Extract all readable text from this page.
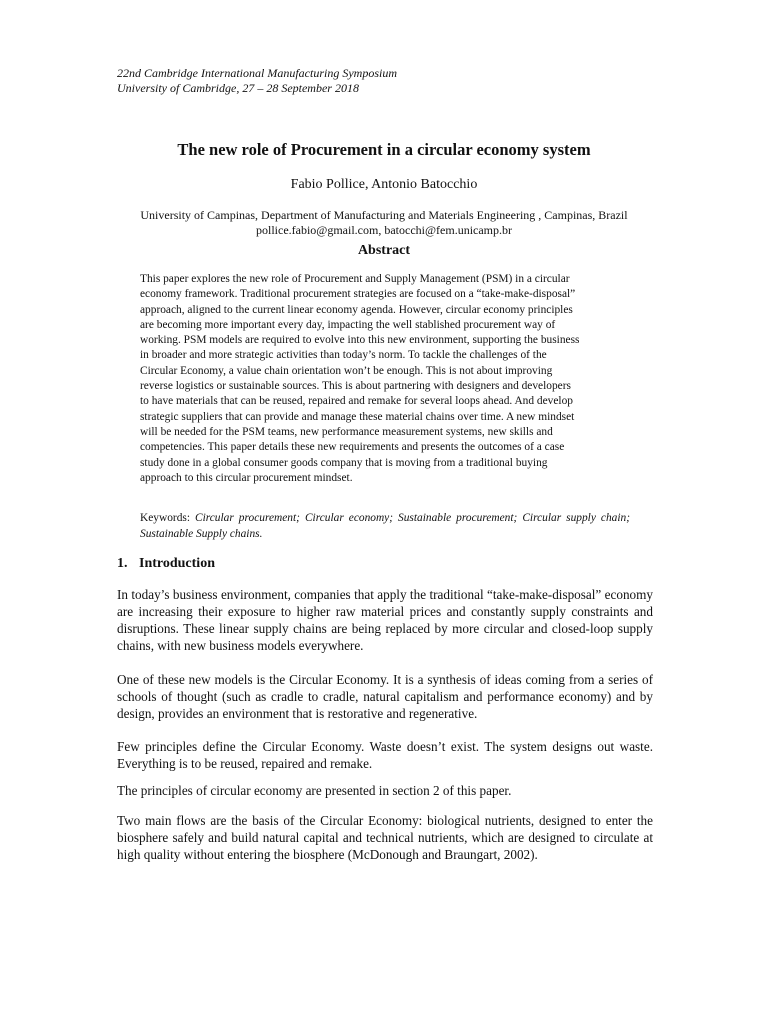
22nd Cambridge International Manufacturing Symposium
University of Cambridge, 27 – 28 September 2018
The new role of Procurement in a circular economy system
Fabio Pollice, Antonio Batocchio
University of Campinas, Department of Manufacturing and Materials Engineering , Campinas, Brazil
pollice.fabio@gmail.com, batocchi@fem.unicamp.br
Abstract
This paper explores the new role of Procurement and Supply Management (PSM) in a circular
economy framework. Traditional procurement strategies are focused on a “take-make-disposal”
approach, aligned to the current linear economy agenda. However, circular economy principles
are becoming more important every day, impacting the well stablished procurement way of
working. PSM models are required to evolve into this new environment, supporting the business
in broader and more strategic activities than today’s norm. To tackle the challenges of the
Circular Economy, a value chain orientation won’t be enough. This is not about improving
reverse logistics or sustainable sources. This is about partnering with designers and developers
to have materials that can be reused, repaired and remake for several loops ahead. And develop
strategic suppliers that can provide and manage these material chains over time. A new mindset
will be needed for the PSM teams, new performance measurement systems, new skills and
competencies. This paper details these new requirements and presents the outcomes of a case
study done in a global consumer goods company that is moving from a traditional buying
approach to this circular procurement mindset.
Keywords: Circular procurement; Circular economy; Sustainable procurement; Circular supply chain; Sustainable Supply chains.
1. Introduction
In today’s business environment, companies that apply the traditional “take-make-disposal” economy are increasing their exposure to higher raw material prices and constantly supply constraints and disruptions. These linear supply chains are being replaced by more circular and closed-loop supply chains, with new business models everywhere.
One of these new models is the Circular Economy. It is a synthesis of ideas coming from a series of schools of thought (such as cradle to cradle, natural capitalism and performance economy) and by design, provides an environment that is restorative and regenerative.
Few principles define the Circular Economy. Waste doesn’t exist. The system designs out waste. Everything is to be reused, repaired and remake.
The principles of circular economy are presented in section 2 of this paper.
Two main flows are the basis of the Circular Economy: biological nutrients, designed to enter the biosphere safely and build natural capital and technical nutrients, which are designed to circulate at high quality without entering the biosphere (McDonough and Braungart, 2002).
